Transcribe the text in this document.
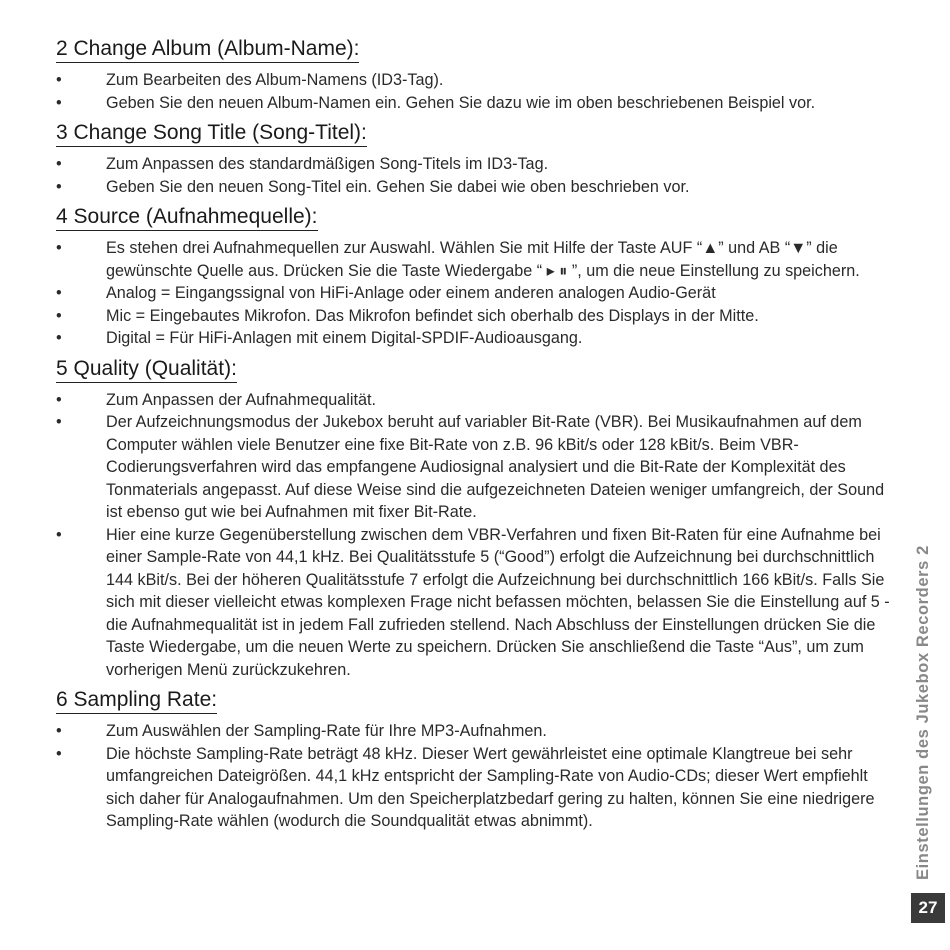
2 Change Album (Album-Name):
•	Zum Bearbeiten des Album-Namens (ID3-Tag).
•	Geben Sie den neuen Album-Namen ein. Gehen Sie dazu wie im oben beschriebenen Beispiel vor.
3 Change Song Title (Song-Titel):
•	Zum Anpassen des standardmäßigen Song-Titels im ID3-Tag.
•	Geben Sie den neuen Song-Titel ein. Gehen Sie dabei wie oben beschrieben vor.
4 Source (Aufnahmequelle):
•	Es stehen drei Aufnahmequellen zur Auswahl. Wählen Sie mit Hilfe der Taste AUF “▲” und AB “▼” die gewünschte Quelle aus. Drücken Sie die Taste Wiedergabe “ ▸ ⏸ ”, um die neue Einstellung zu speichern.
•	Analog = Eingangssignal von HiFi-Anlage oder einem anderen analogen Audio-Gerät
•	Mic = Eingebautes Mikrofon. Das Mikrofon befindet sich oberhalb des Displays in der Mitte.
•	Digital = Für HiFi-Anlagen mit einem Digital-SPDIF-Audioausgang.
5 Quality (Qualität):
•	Zum Anpassen der Aufnahmequalität.
•	Der Aufzeichnungsmodus der Jukebox beruht auf variabler Bit-Rate (VBR). Bei Musikaufnahmen auf dem Computer wählen viele Benutzer eine fixe Bit-Rate von z.B. 96 kBit/s oder 128 kBit/s. Beim VBR-Codierungsverfahren wird das empfangene Audiosignal analysiert und die Bit-Rate der Komplexität des Tonmaterials angepasst. Auf diese Weise sind die aufgezeichneten Dateien weniger umfangreich, der Sound ist ebenso gut wie bei Aufnahmen mit fixer Bit-Rate.
•	Hier eine kurze Gegenüberstellung zwischen dem VBR-Verfahren und fixen Bit-Raten für eine Aufnahme bei einer Sample-Rate von 44,1 kHz. Bei Qualitätsstufe 5 (“Good”) erfolgt die Aufzeichnung bei durchschnittlich 144 kBit/s. Bei der höheren Qualitätsstufe 7 erfolgt die Aufzeichnung bei durchschnittlich 166 kBit/s. Falls Sie sich mit dieser vielleicht etwas komplexen Frage nicht befassen möchten, belassen Sie die Einstellung auf 5 - die Aufnahmequalität ist in jedem Fall zufrieden stellend. Nach Abschluss der Einstellungen drücken Sie die Taste Wiedergabe, um die neuen Werte zu speichern. Drücken Sie anschließend die Taste “Aus”, um zum vorherigen Menü zurückzukehren.
6 Sampling Rate:
•	Zum Auswählen der Sampling-Rate für Ihre MP3-Aufnahmen.
•	Die höchste Sampling-Rate beträgt 48 kHz. Dieser Wert gewährleistet eine optimale Klangtreue bei sehr umfangreichen Dateigrößen. 44,1 kHz entspricht der Sampling-Rate von Audio-CDs; dieser Wert empfiehlt sich daher für Analogaufnahmen. Um den Speicherplatzbedarf gering zu halten, können Sie eine niedrigere Sampling-Rate wählen (wodurch die Soundqualität etwas abnimmt).	Einstellungen des Jukebox Recorders 2
27
